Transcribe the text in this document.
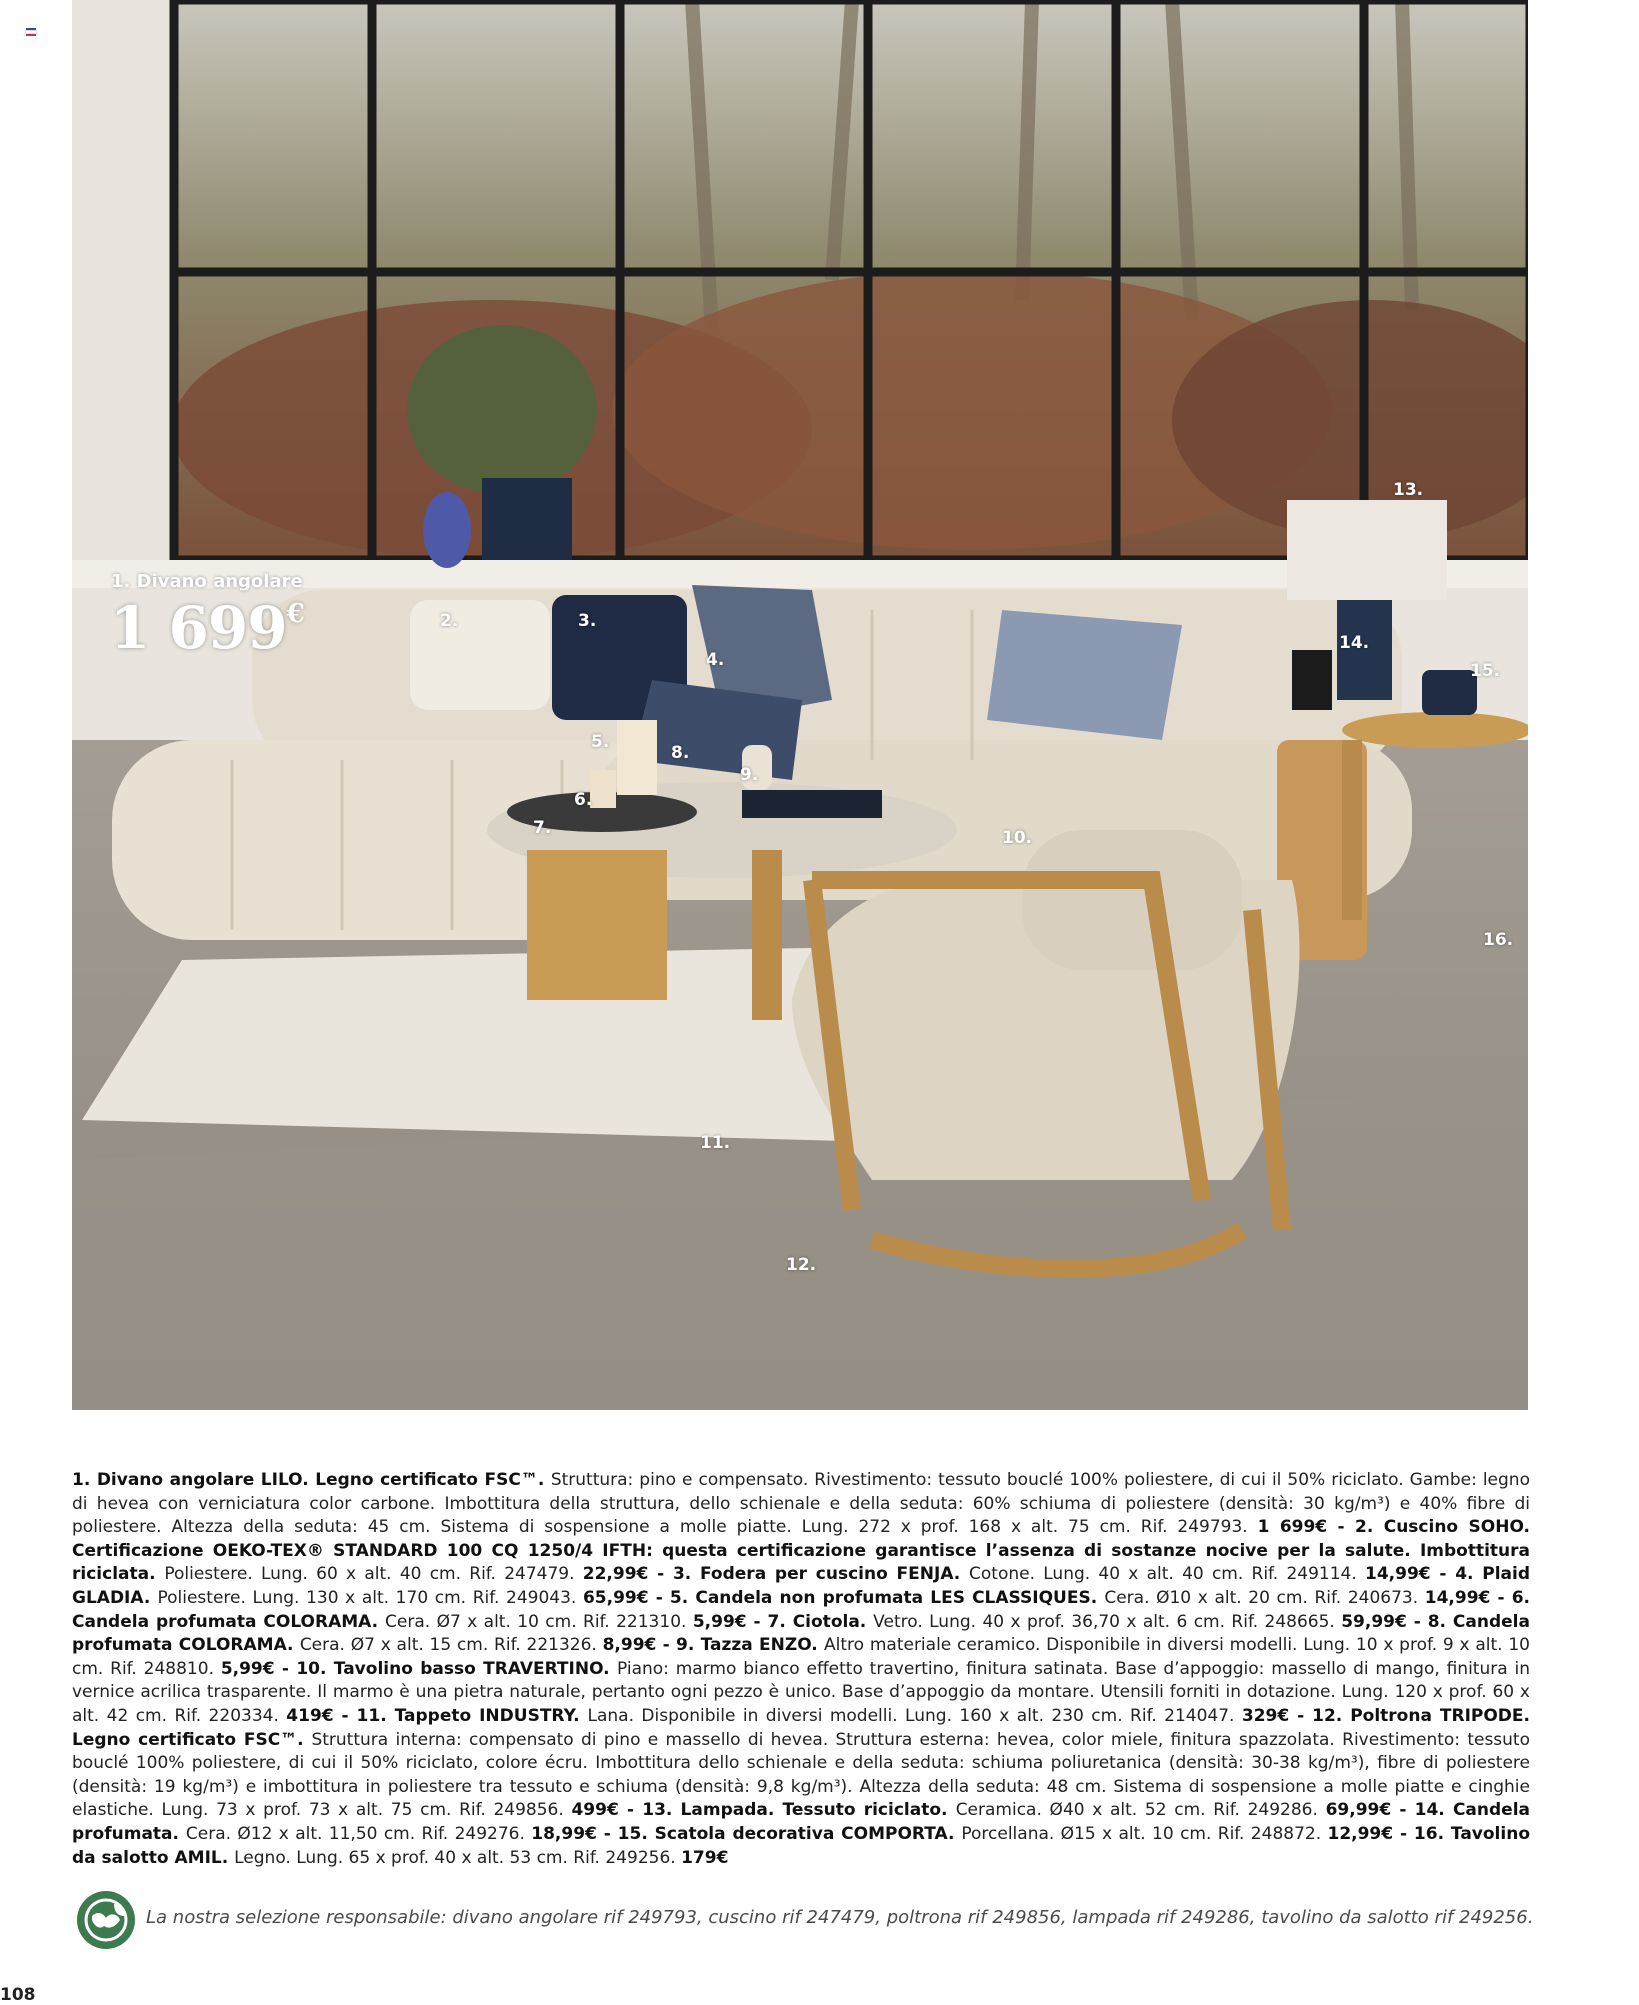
1. Divano angolare
1 699€	2.	3.
4.
5.
6.
7.
8.
9.
10.
11.
12.
13.
14.
15.
16.
1. Divano angolare LILO. Legno certificato FSC™. Struttura: pino e compensato. Rivestimento: tessuto bouclé 100% poliestere, di cui il 50% riciclato. Gambe: legno di hevea con verniciatura color carbone. Imbottitura della struttura, dello schienale e della seduta: 60% schiuma di poliestere (densità: 30 kg/m³) e 40% fibre di poliestere. Altezza della seduta: 45 cm. Sistema di sospensione a molle piatte. Lung. 272 x prof. 168 x alt. 75 cm. Rif. 249793. 1 699€ - 2. Cuscino SOHO. Certificazione OEKO-TEX® STANDARD 100 CQ 1250/4 IFTH: questa certificazione garantisce l’assenza di sostanze nocive per la salute. Imbottitura riciclata. Poliestere. Lung. 60 x alt. 40 cm. Rif. 247479. 22,99€ - 3. Fodera per cuscino FENJA. Cotone. Lung. 40 x alt. 40 cm. Rif. 249114. 14,99€ - 4. Plaid GLADIA. Poliestere. Lung. 130 x alt. 170 cm. Rif. 249043. 65,99€ - 5. Candela non profumata LES CLASSIQUES. Cera. Ø10 x alt. 20 cm. Rif. 240673. 14,99€ - 6. Candela profumata COLORAMA. Cera. Ø7 x alt. 10 cm. Rif. 221310. 5,99€ - 7. Ciotola. Vetro. Lung. 40 x prof. 36,70 x alt. 6 cm. Rif. 248665. 59,99€ - 8. Candela profumata COLORAMA. Cera. Ø7 x alt. 15 cm. Rif. 221326. 8,99€ - 9. Tazza ENZO. Altro materiale ceramico. Disponibile in diversi modelli. Lung. 10 x prof. 9 x alt. 10 cm. Rif. 248810. 5,99€ - 10. Tavolino basso TRAVERTINO. Piano: marmo bianco effetto travertino, finitura satinata. Base d’appoggio: massello di mango, finitura in vernice acrilica trasparente. Il marmo è una pietra naturale, pertanto ogni pezzo è unico. Base d’appoggio da montare. Utensili forniti in dotazione. Lung. 120 x prof. 60 x alt. 42 cm. Rif. 220334. 419€ - 11. Tappeto INDUSTRY. Lana. Disponibile in diversi modelli. Lung. 160 x alt. 230 cm. Rif. 214047. 329€ - 12. Poltrona TRIPODE. Legno certificato FSC™. Struttura interna: compensato di pino e massello di hevea. Struttura esterna: hevea, color miele, finitura spazzolata. Rivestimento: tessuto bouclé 100% poliestere, di cui il 50% riciclato, colore écru. Imbottitura dello schienale e della seduta: schiuma poliuretanica (densità: 30-38 kg/m³), fibre di poliestere (densità: 19 kg/m³) e imbottitura in poliestere tra tessuto e schiuma (densità: 9,8 kg/m³). Altezza della seduta: 48 cm. Sistema di sospensione a molle piatte e cinghie elastiche. Lung. 73 x prof. 73 x alt. 75 cm. Rif. 249856. 499€ - 13. Lampada. Tessuto riciclato. Ceramica. Ø40 x alt. 52 cm. Rif. 249286. 69,99€ - 14. Candela profumata. Cera. Ø12 x alt. 11,50 cm. Rif. 249276. 18,99€ - 15. Scatola decorativa COMPORTA. Porcellana. Ø15 x alt. 10 cm. Rif. 248872. 12,99€ - 16. Tavolino da salotto AMIL. Legno. Lung. 65 x prof. 40 x alt. 53 cm. Rif. 249256. 179€
La nostra selezione responsabile: divano angolare rif 249793, cuscino rif 247479, poltrona rif 249856, lampada rif 249286, tavolino da salotto rif 249256.
108
